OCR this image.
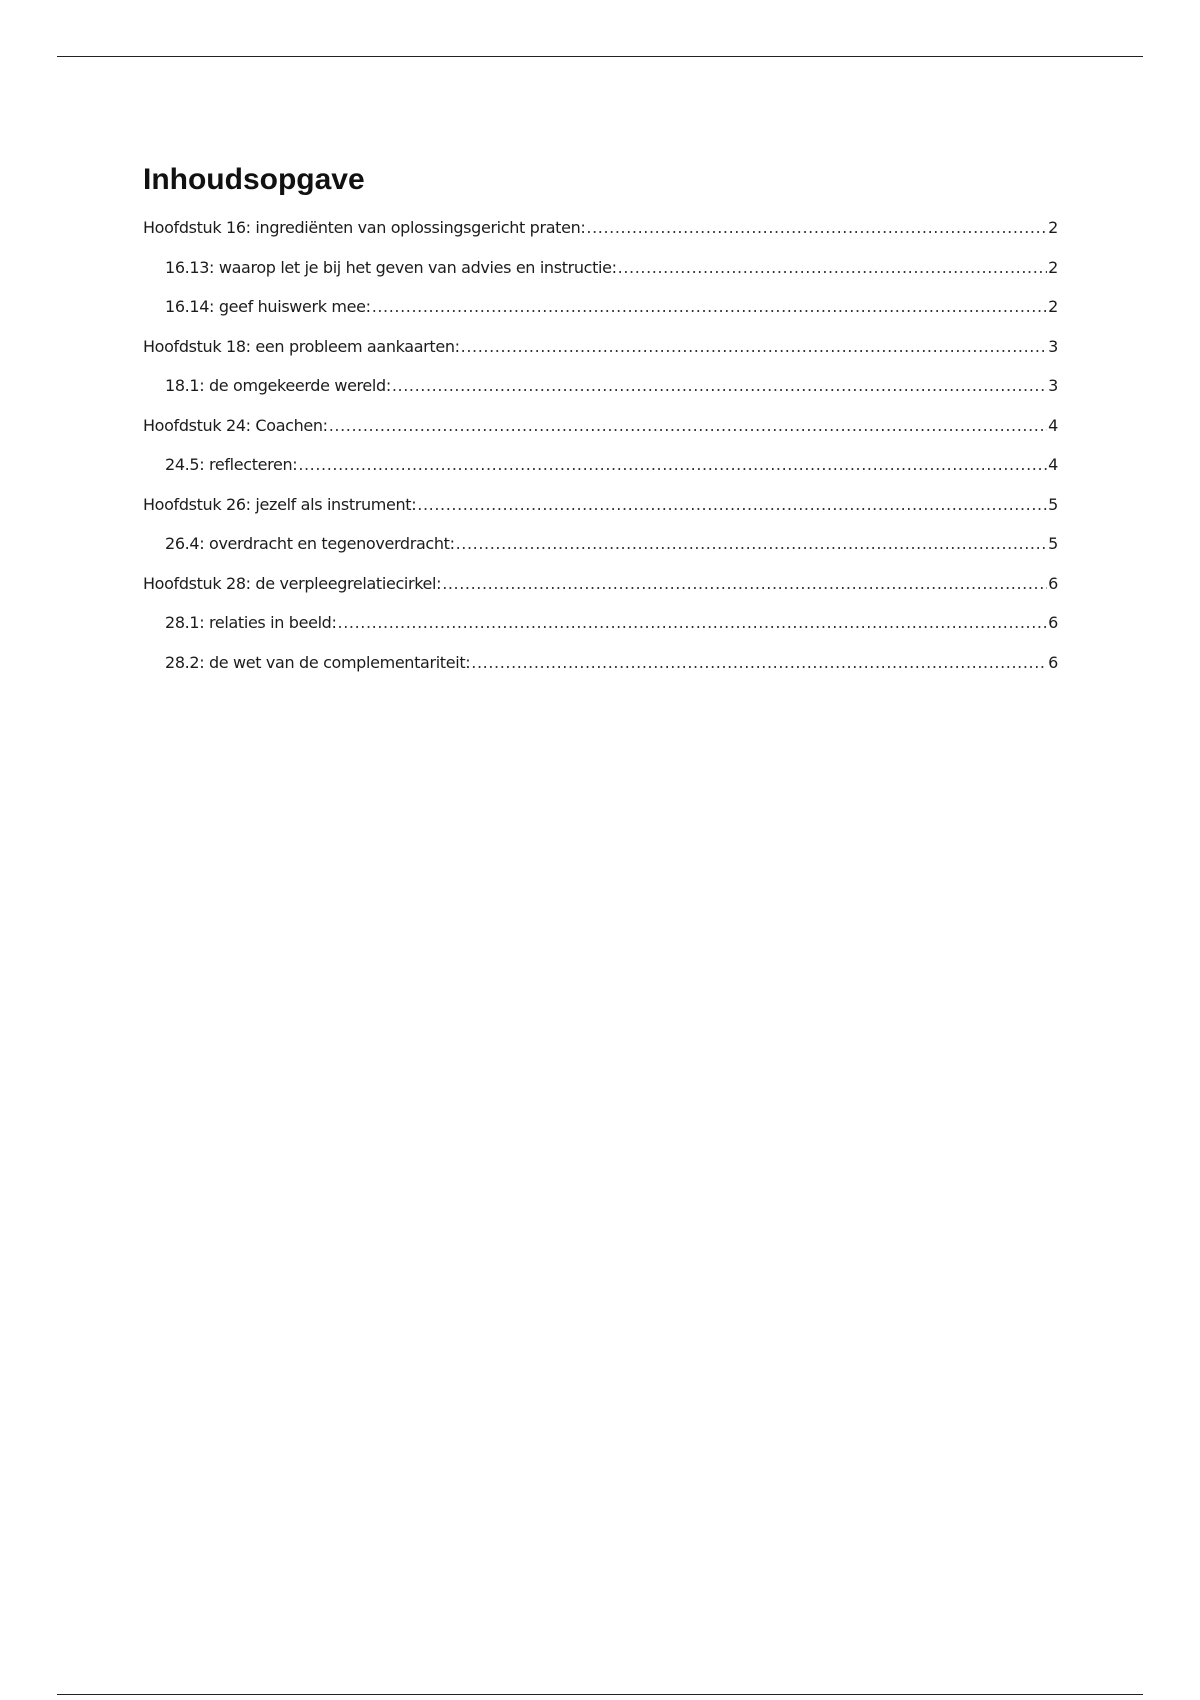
Inhoudsopgave
Hoofdstuk 16: ingrediënten van oplossingsgericht praten: .....	2
16.13: waarop let je bij het geven van advies en instructie: .....	2
16.14: geef huiswerk mee: .....	2
Hoofdstuk 18: een probleem aankaarten: .....	3
18.1: de omgekeerde wereld: .....	3
Hoofdstuk 24: Coachen: .....	4
24.5: reflecteren: .....	4
Hoofdstuk 26: jezelf als instrument: .....	5
26.4: overdracht en tegenoverdracht: .....	5
Hoofdstuk 28: de verpleegrelatiecirkel: .....	6
28.1: relaties in beeld: .....	6
28.2: de wet van de complementariteit: .....	6
